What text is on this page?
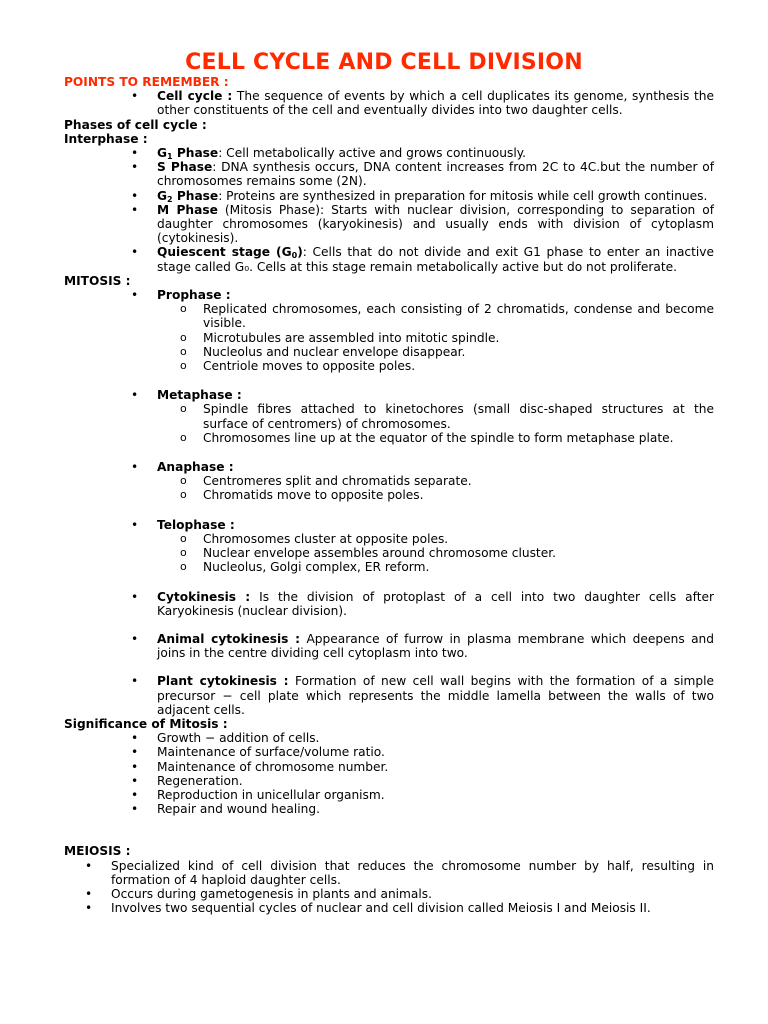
CELL CYCLE AND CELL DIVISION
POINTS TO REMEMBER :
• Cell cycle : The sequence of events by which a cell duplicates its genome, synthesis the other constituents of the cell and eventually divides into two daughter cells.
Phases of cell cycle :
Interphase :
• $G_1$ Phase: Cell metabolically active and grows continuously.
• S Phase: DNA synthesis occurs, DNA content increases from 2C to 4C.but the number of chromosomes remains some (2N).
• $G_2$ Phase: Proteins are synthesized in preparation for mitosis while cell growth continues.
• M Phase (Mitosis Phase): Starts with nuclear division, corresponding to separation of daughter chromosomes (karyokinesis) and usually ends with division of cytoplasm (cytokinesis).
• Quiescent stage $(G_0)$: Cells that do not divide and exit G1 phase to enter an inactive stage called G₀. Cells at this stage remain metabolically active but do not proliferate.
MITOSIS :
• Prophase :
o Replicated chromosomes, each consisting of 2 chromatids, condense and become visible.
o Microtubules are assembled into mitotic spindle.
o Nucleolus and nuclear envelope disappear.
o Centriole moves to opposite poles.
• Metaphase :
o Spindle fibres attached to kinetochores (small disc-shaped structures at the surface of centromers) of chromosomes.
o Chromosomes line up at the equator of the spindle to form metaphase plate.
• Anaphase :
o Centromeres split and chromatids separate.
o Chromatids move to opposite poles.
• Telophase :
o Chromosomes cluster at opposite poles.
o Nuclear envelope assembles around chromosome cluster.
o Nucleolus, Golgi complex, ER reform.
• Cytokinesis : Is the division of protoplast of a cell into two daughter cells after Karyokinesis (nuclear division).
• Animal cytokinesis : Appearance of furrow in plasma membrane which deepens and joins in the centre dividing cell cytoplasm into two.
• Plant cytokinesis : Formation of new cell wall begins with the formation of a simple precursor − cell plate which represents the middle lamella between the walls of two adjacent cells.
Significance of Mitosis :
• Growth − addition of cells.
• Maintenance of surface/volume ratio.
• Maintenance of chromosome number.
• Regeneration.
• Reproduction in unicellular organism.
• Repair and wound healing.
MEIOSIS :
• Specialized kind of cell division that reduces the chromosome number by half, resulting in formation of 4 haploid daughter cells.
• Occurs during gametogenesis in plants and animals.
• Involves two sequential cycles of nuclear and cell division called Meiosis I and Meiosis II.
